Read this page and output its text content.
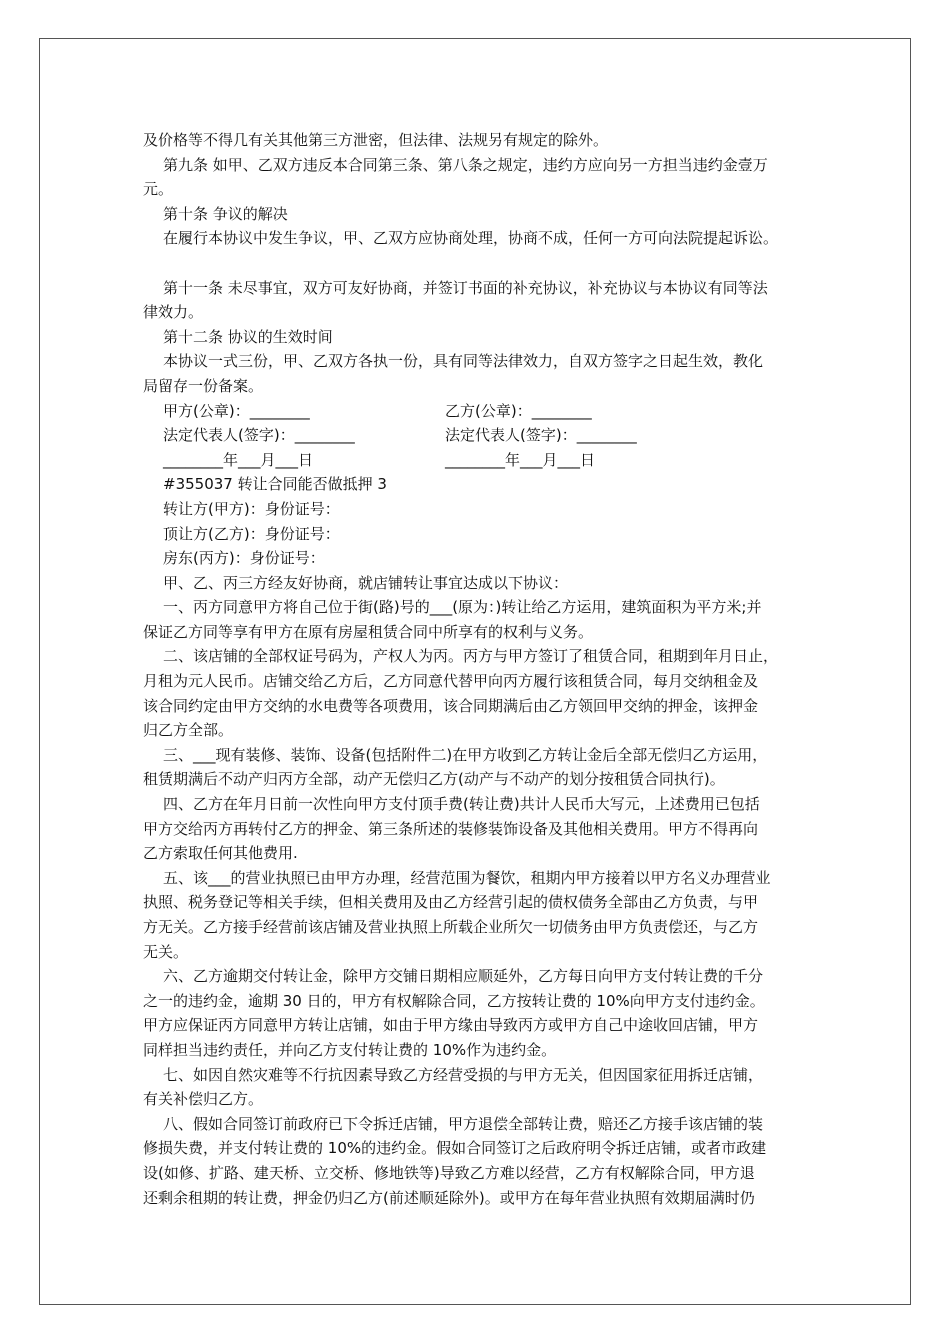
及价格等不得几有关其他第三方泄密，但法律、法规另有规定的除外。

第九条 如甲、乙双方违反本合同第三条、第八条之规定，违约方应向另一方担当违约金壹万

元。

第十条 争议的解决

在履行本协议中发生争议，甲、乙双方应协商处理，协商不成，任何一方可向法院提起诉讼。

第十一条 未尽事宜，双方可友好协商，并签订书面的补充协议，补充协议与本协议有同等法

律效力。

第十二条 协议的生效时间

本协议一式三份，甲、乙双方各执一份，具有同等法律效力，自双方签字之日起生效，教化

局留存一份备案。

甲方(公章)：________	乙方(公章)：________
法定代表人(签字)：________	法定代表人(签字)：________
________年___月___日	________年___月___日

#355037 转让合同能否做抵押 3

转让方(甲方)：身份证号：

顶让方(乙方)：身份证号：

房东(丙方)：身份证号：

甲、乙、丙三方经友好协商，就店铺转让事宜达成以下协议：

一、丙方同意甲方将自己位于街(路)号的___(原为：)转让给乙方运用，建筑面积为平方米;并

保证乙方同等享有甲方在原有房屋租赁合同中所享有的权利与义务。

二、该店铺的全部权证号码为，产权人为丙。丙方与甲方签订了租赁合同，租期到年月日止，

月租为元人民币。店铺交给乙方后，乙方同意代替甲向丙方履行该租赁合同，每月交纳租金及

该合同约定由甲方交纳的水电费等各项费用，该合同期满后由乙方领回甲交纳的押金，该押金

归乙方全部。

三、___现有装修、装饰、设备(包括附件二)在甲方收到乙方转让金后全部无偿归乙方运用，

租赁期满后不动产归丙方全部，动产无偿归乙方(动产与不动产的划分按租赁合同执行)。

四、乙方在年月日前一次性向甲方支付顶手费(转让费)共计人民币大写元，上述费用已包括

甲方交给丙方再转付乙方的押金、第三条所述的装修装饰设备及其他相关费用。甲方不得再向

乙方索取任何其他费用.

五、该___的营业执照已由甲方办理，经营范围为餐饮，租期内甲方接着以甲方名义办理营业

执照、税务登记等相关手续，但相关费用及由乙方经营引起的债权债务全部由乙方负责，与甲

方无关。乙方接手经营前该店铺及营业执照上所载企业所欠一切债务由甲方负责偿还，与乙方

无关。

六、乙方逾期交付转让金，除甲方交铺日期相应顺延外，乙方每日向甲方支付转让费的千分

之一的违约金，逾期 30 日的，甲方有权解除合同，乙方按转让费的 10%向甲方支付违约金。

甲方应保证丙方同意甲方转让店铺，如由于甲方缘由导致丙方或甲方自己中途收回店铺，甲方

同样担当违约责任，并向乙方支付转让费的 10%作为违约金。

七、如因自然灾难等不行抗因素导致乙方经营受损的与甲方无关，但因国家征用拆迁店铺，

有关补偿归乙方。

八、假如合同签订前政府已下令拆迁店铺，甲方退偿全部转让费，赔还乙方接手该店铺的装

修损失费，并支付转让费的 10%的违约金。假如合同签订之后政府明令拆迁店铺，或者市政建

设(如修、扩路、建天桥、立交桥、修地铁等)导致乙方难以经营，乙方有权解除合同，甲方退

还剩余租期的转让费，押金仍归乙方(前述顺延除外)。或甲方在每年营业执照有效期届满时仍
